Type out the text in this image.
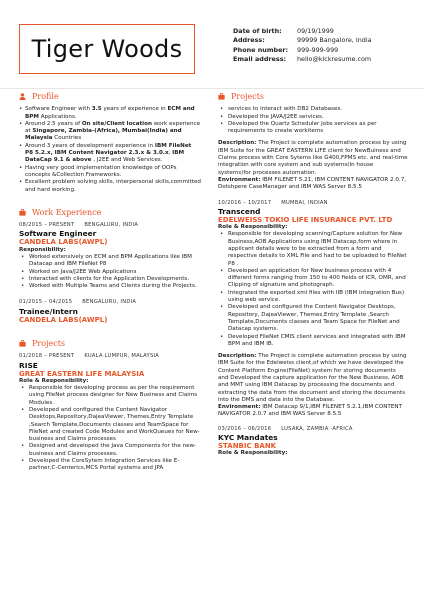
Tiger Woods
Date of birth: 09/19/1999
Address:	99999 Bangalore, India
Phone number: 999-999-999
Email address: hello@kickresume.com
Profile
• Software Engineer with 3.5 years of experience in ECM and BPM Applications.
• Around 2.5 years of On site/Client location work experience at Singapore, Zambia-(Africa), Mumbai(India) and Malaysia Countries
• Around 3 years of development experience in IBM FileNet P8 5.2.x, IBM Content Navigator 2.3.x & 3.0.x, IBM DataCap 9.1 & above , J2EE and Web Services.
• Having very good implementation knowledge of OOPs concepts &Collection Frameworks.
• Excellent problem solving skills, interpersonal skills,committed and hard working.
Work Experience
08/2015 – PRESENT BENGALURU, INDIA
Software Engineer
CANDELA LABS(AWPL)

Responsibility:

• Worked extensively on ECM and BPM Applications like IBM Datacap and IBM FileNet P8
• Worked on Java/J2EE Web Applications
• Interacted with clients for the Application Developments.
• Worked with Multiple Teams and Clients during the Projects.
01/2015 – 04/2015 BENGALURU, INDIA
Trainee/Intern
CANDELA LABS(AWPL)
Projects
01/2018 – PRESENT KUALA LUMPUR, MALAYSIA
RISE
GREAT EASTERN LIFE MALAYSIA

Role & Responsibility:

• Responsible for developing process as per the requirement using FileNet process designer for New Business and Claims Modules.
• Developed and configured the Content Navigator Desktops,Repository,DajeaViewer, Themes,Entry Template ,Search Template,Documents classes and TeamSpace for FileNet and created Code Modules and WorkQueues for New-business and Claims processes
• Designed and developed the Java Components for the new-business and Claims processes.
• Developed the CoreSytem Integration Services like E-partner,C-Centerics,MCS Portal systems and JPA
Projects
• services to interact with DB2 Databases.
• Developed the JAVA/J2EE services.
• Developed the Quartz Scheduler Jobs services as per requirements to create workitems

Description: The Project is complete automation process by using IBM Suite for the GREAT EASTERN LIFE client for NewBuiness and Claims process with Core Sytems like G400,FPMS etc. and real-time integration with core system and sub systems(In house systems)for processes automation.

Environment: IBM FILENET 5.21, IBM CONTENT NAVIGATOR 2.0.7, Dotshpere CaseManager and IBM WAS Server 8.5.5

10/2016 – 10/2017 MUMBAI, INDIAN
Transcend
EDELWEISS TOKIO LIFE INSURANCE PVT. LTD

Role & Responsibility:

• Responsible for developing scanning/Capture solution for New Business,AOB Applications using IBM Datacap,form where in appilcant details were to be extracted from a form and respective details to XML File and had to be uploaded to FileNet P8 .
• Developed an application for New business process with 4 different forms ranging from 150 to 400 fields of ICR, OMR, and Clipping of signature and photograph.
• Integrated the exported xml files with IIB (IBM Integration Bus) using web service.
• Developed and configured the Content Navigator Desktops, Repository, DajeaViewer, Themes,Entry Template ,Search Template,Documents classes and Team Space for FileNet and Datacap systems.
• Developed FileNet CMIS client services and integrated with IBM BPM and IBM IB.

Description: The Project is complete automation process by using IBM Suite for the Edelweiss client,of which we have developed the Content Platform Engine(FileNet) system for storing documents and Developed the capture application for the New Business, AOB and MMT using IBM Datacap by processing the documents and extracting the data from the document and storing the documents into the DMS and data into the Database.

Environment: IBM Datacap 9/1,IBM FILENET 5.2.1,IBM CONTENT NAVIGATOR 2.0.7 and IBM WAS Server 8.5.5

03/2016 – 06/2016 LUSAKA, ZAMBIA -AFRICA
KYC Mandates
STANBIC BANK

Role & Responsibility:
